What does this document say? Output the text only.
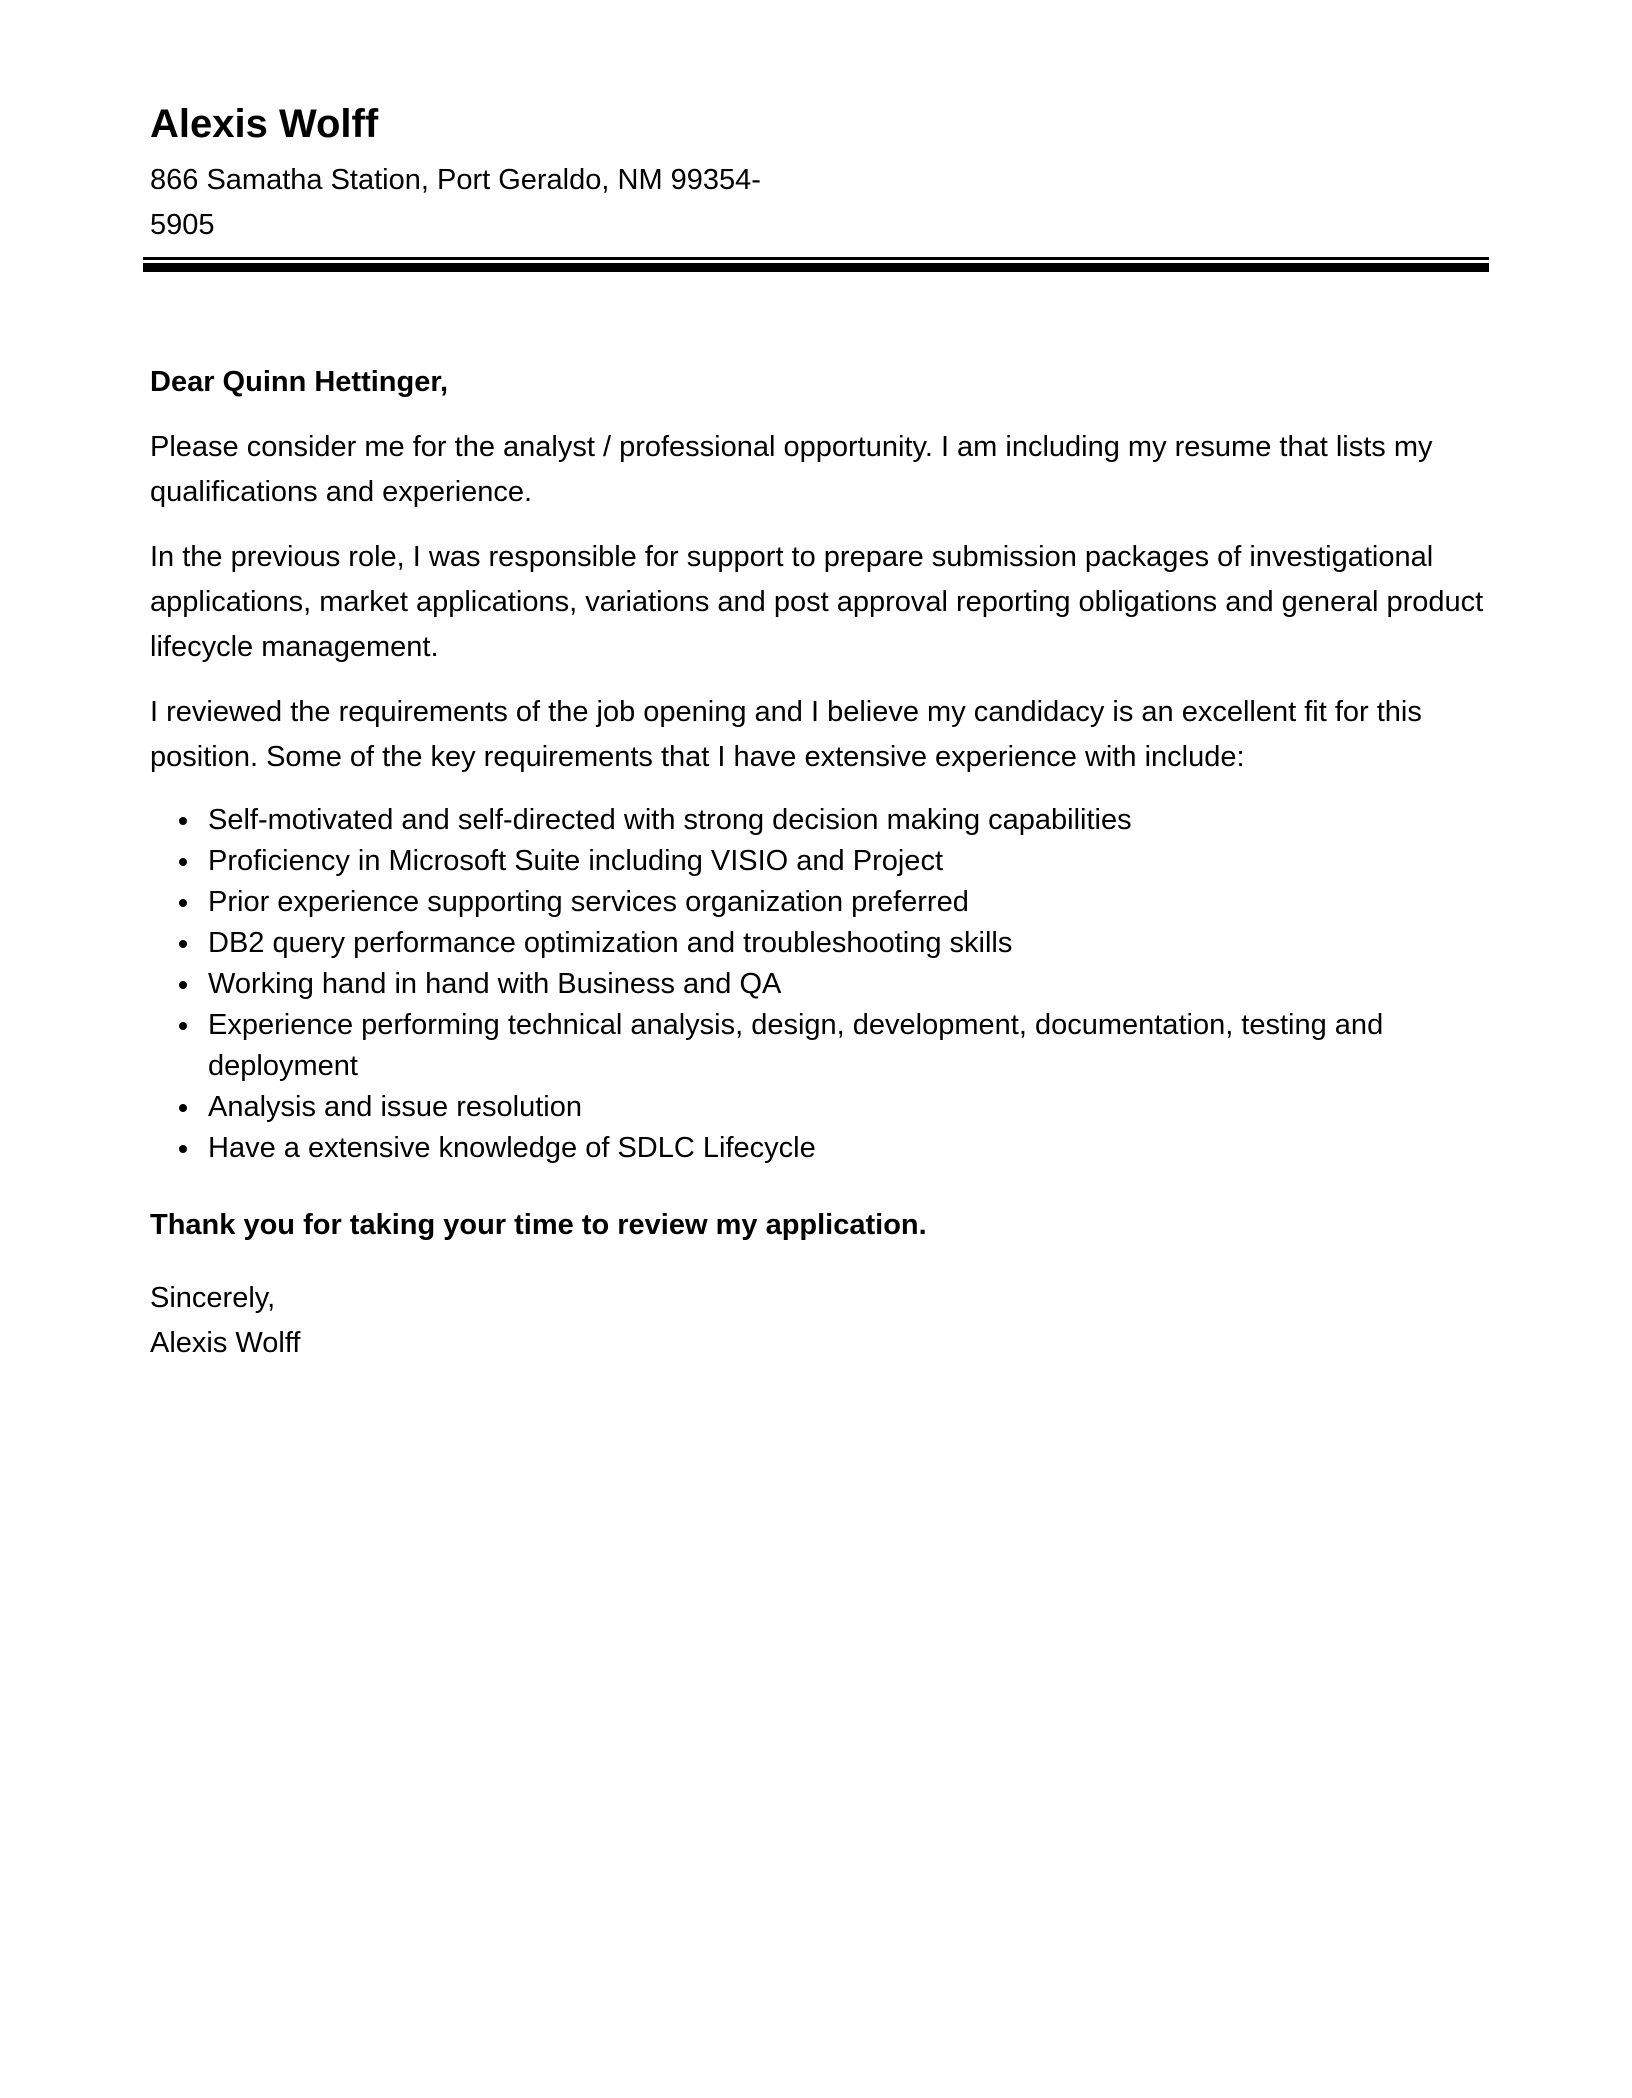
Alexis Wolff
866 Samatha Station, Port Geraldo, NM 99354-
5905

Dear Quinn Hettinger,

Please consider me for the analyst / professional opportunity. I am including my resume that lists my qualifications and experience.

In the previous role, I was responsible for support to prepare submission packages of investigational applications, market applications, variations and post approval reporting obligations and general product lifecycle management.

I reviewed the requirements of the job opening and I believe my candidacy is an excellent fit for this position. Some of the key requirements that I have extensive experience with include:

• Self-motivated and self-directed with strong decision making capabilities
• Proficiency in Microsoft Suite including VISIO and Project
• Prior experience supporting services organization preferred
• DB2 query performance optimization and troubleshooting skills
• Working hand in hand with Business and QA
• Experience performing technical analysis, design, development, documentation, testing and deployment
• Analysis and issue resolution
• Have a extensive knowledge of SDLC Lifecycle

Thank you for taking your time to review my application.

Sincerely,
Alexis Wolff
